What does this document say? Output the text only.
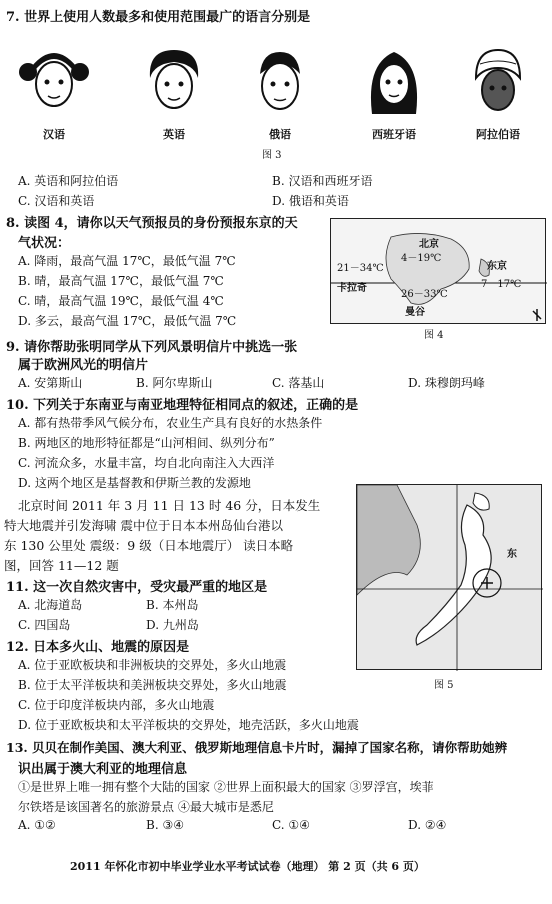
7. 世界上使用人数最多和使用范围最广的语言分别是
汉语	英语	俄语	西班牙语	阿拉伯语
图 3
A. 英语和阿拉伯语	B. 汉语和西班牙语
C. 汉语和英语	D. 俄语和英语
8. 读图 4，请你以天气预报员的身份预报东京的天
气状况：
A. 降雨，最高气温 17℃，最低气温 7℃
B. 晴，最高气温 17℃，最低气温 7℃
C. 晴，最高气温 19℃，最低气温 4℃
D. 多云，最高气温 17℃，最低气温 7℃
北京
4－19℃
21－34℃
卡拉奇
东京
7－17℃
26－33℃
曼谷
图 4
9. 请你帮助张明同学从下列风景明信片中挑选一张
属于欧洲风光的明信片
A. 安第斯山	B. 阿尔卑斯山	C. 落基山	D. 珠穆朗玛峰
10. 下列关于东南亚与南亚地理特征相同点的叙述，正确的是
A. 都有热带季风气候分布，农业生产具有良好的水热条件
B. 两地区的地形特征都是“山河相间、纵列分布”
C. 河流众多，水量丰富，均自北向南注入大西洋
D. 这两个地区是基督教和伊斯兰教的发源地
北京时间 2011 年 3 月 11 日 13 时 46 分，日本发生
特大地震并引发海啸 震中位于日本本州岛仙台港以
东 130 公里处 震级：9 级（日本地震厅） 读日本略
图，回答 11—12 题
东
图 5
11. 这一次自然灾害中，受灾最严重的地区是
A. 北海道岛	B. 本州岛
C. 四国岛	D. 九州岛
12. 日本多火山、地震的原因是
A. 位于亚欧板块和非洲板块的交界处，多火山地震
B. 位于太平洋板块和美洲板块交界处，多火山地震
C. 位于印度洋板块内部，多火山地震
D. 位于亚欧板块和太平洋板块的交界处，地壳活跃，多火山地震
13. 贝贝在制作美国、澳大利亚、俄罗斯地理信息卡片时，漏掉了国家名称，请你帮助她辨
识出属于澳大利亚的地理信息
①是世界上唯一拥有整个大陆的国家 ②世界上面积最大的国家 ③罗浮宫，埃菲
尔铁塔是该国著名的旅游景点 ④最大城市是悉尼
A. ①②	B. ③④	C. ①④	D. ②④
2011 年怀化市初中毕业学业水平考试试卷（地理） 第 2 页（共 6 页）
